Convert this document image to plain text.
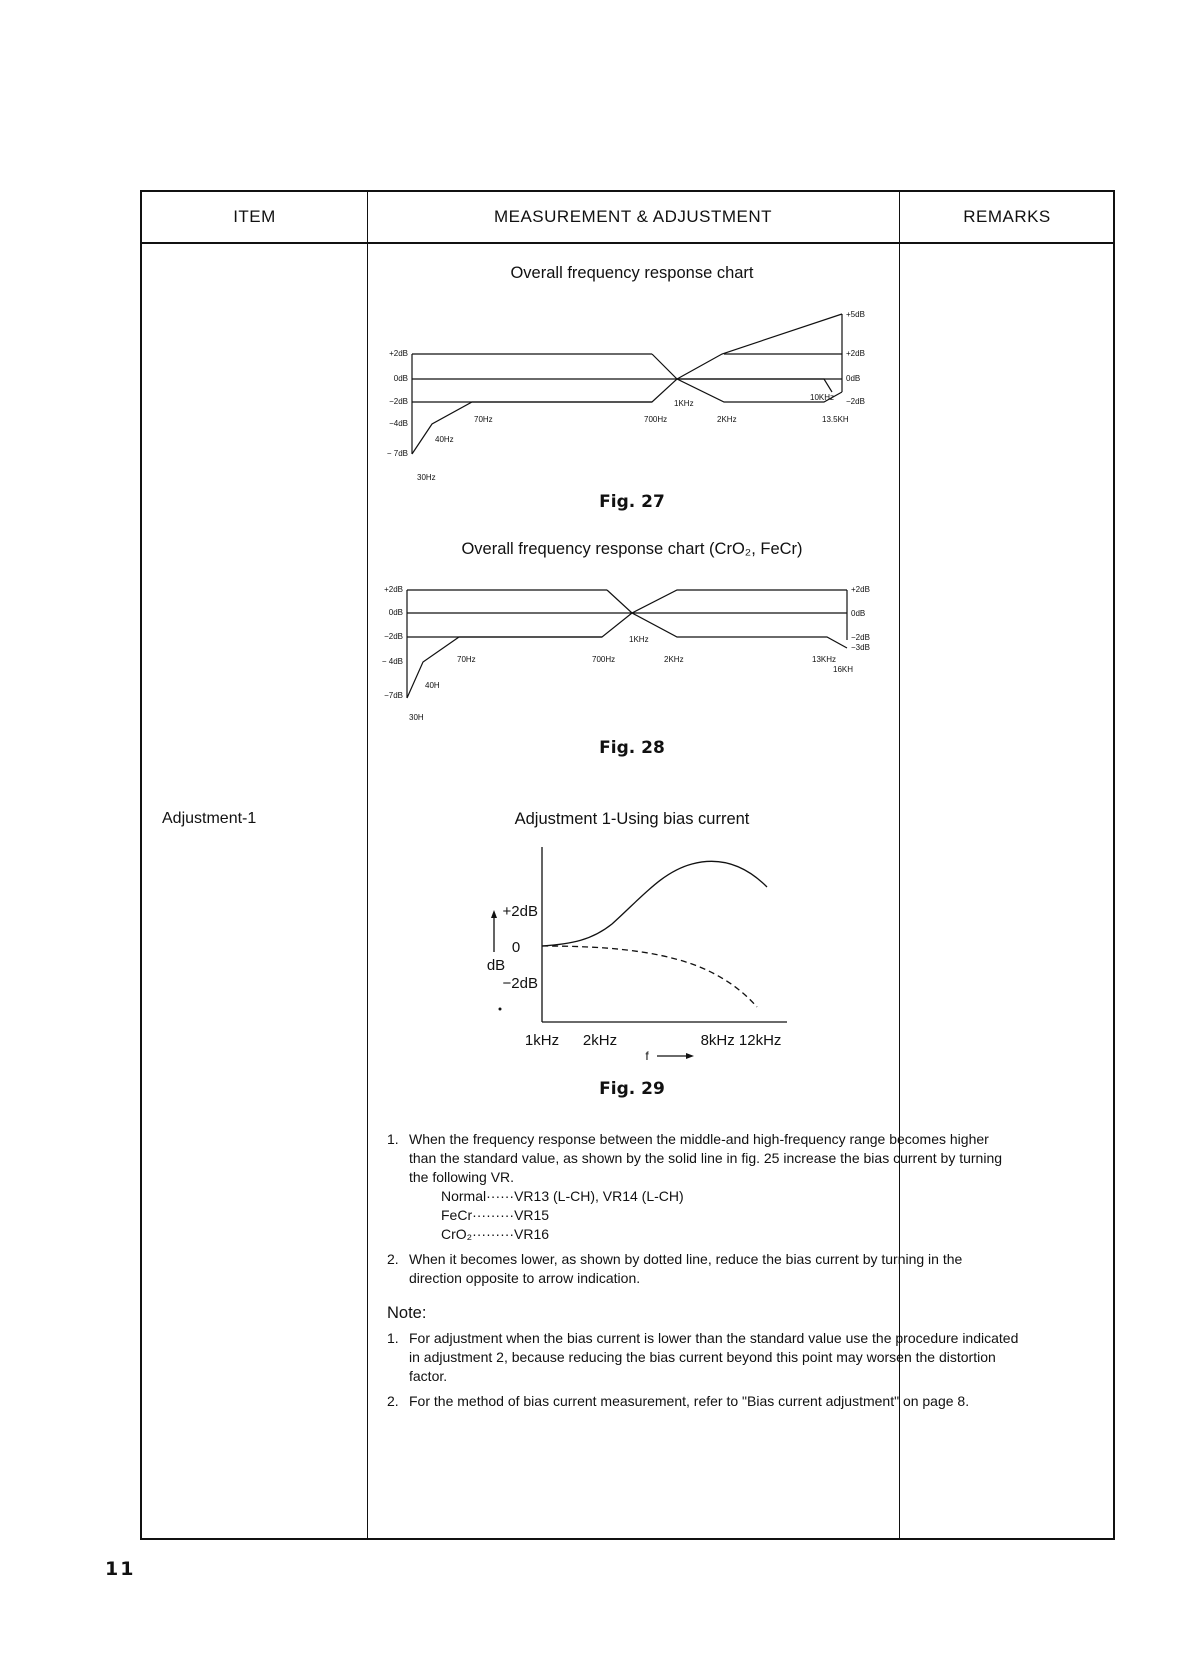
ITEM	MEASUREMENT & ADJUSTMENT	REMARKS
Adjustment-1
Overall frequency response chart
+2dB
0dB
−2dB
−4dB
− 7dB
+5dB
+2dB
0dB
−2dB
30Hz
40Hz
70Hz	700Hz
1KHz
2KHz
10KHz
13.5KH
Fig. 27
Overall frequency response chart (CrO₂, FeCr)
+2dB
0dB
−2dB
− 4dB
−7dB
+2dB
0dB
−2dB
−3dB
30H
40H
70Hz	700Hz
1KHz
2KHz	13KHz
16KH
Fig. 28
Adjustment 1-Using bias current
+2dB
0
−2dB
dB
1kHz 2kHz	8kHz 12kHz
f
Fig. 29
1. When the frequency response between the middle-and high-frequency range becomes higher than the standard value, as shown by the solid line in fig. 25 increase the bias current by turning the following VR.
Normal······VR13 (L-CH), VR14 (L-CH)
FeCr·········VR15
CrO₂·········VR16
2. When it becomes lower, as shown by dotted line, reduce the bias current by turning in the direction opposite to arrow indication.
Note:
1. For adjustment when the bias current is lower than the standard value use the procedure indicated in adjustment 2, because reducing the bias current beyond this point may worsen the distortion factor.
2. For the method of bias current measurement, refer to "Bias current adjustment" on page 8.
11
